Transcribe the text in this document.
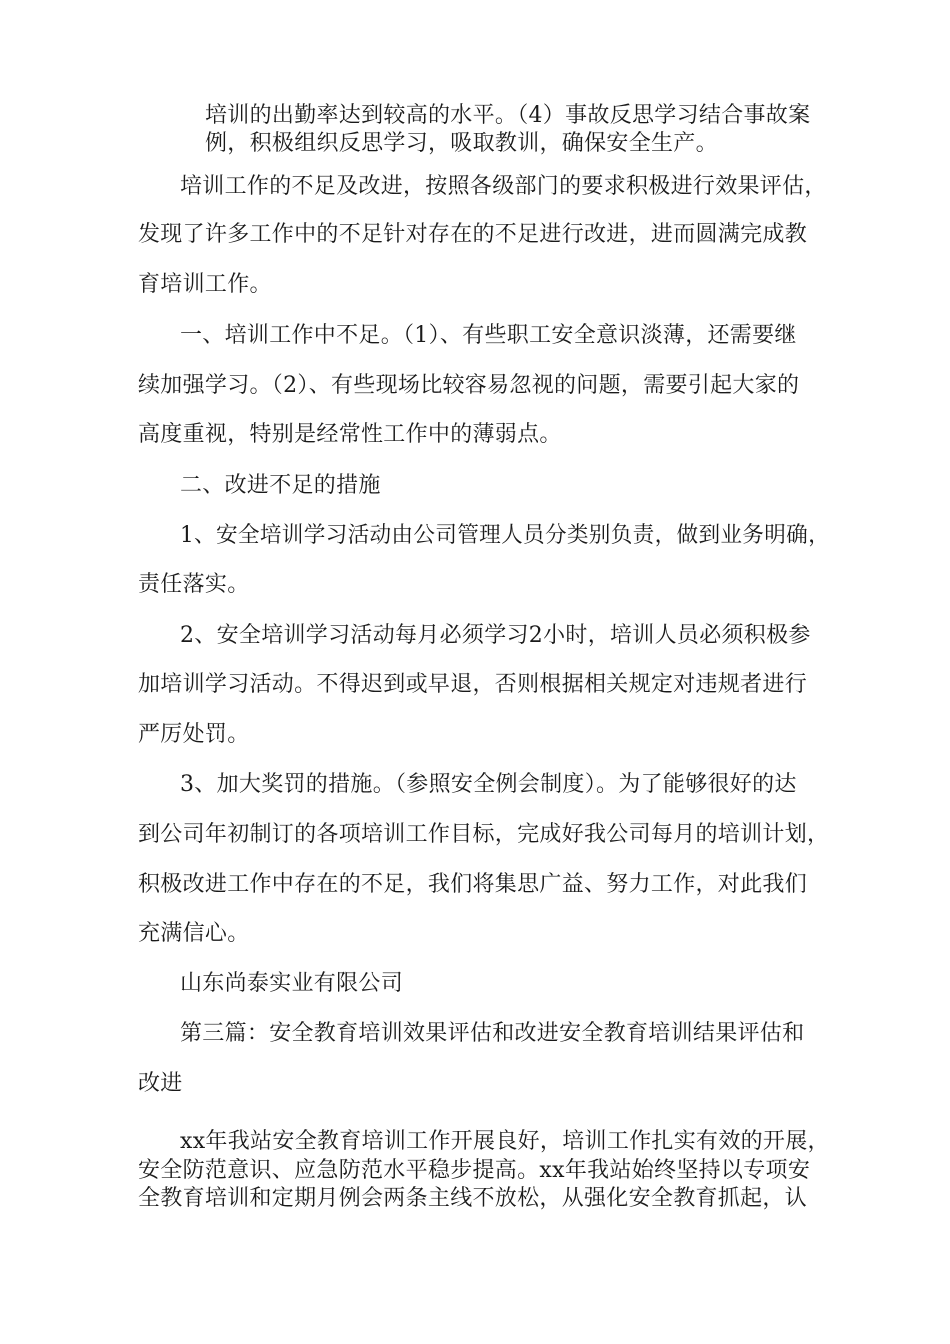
培训的出勤率达到较高的水平。（4）事故反思学习结合事故案
例，积极组织反思学习，吸取教训，确保安全生产。
培训工作的不足及改进，按照各级部门的要求积极进行效果评估，
发现了许多工作中的不足针对存在的不足进行改进，进而圆满完成教
育培训工作。
一、培训工作中不足。（1）、有些职工安全意识淡薄，还需要继
续加强学习。（2）、有些现场比较容易忽视的问题，需要引起大家的
高度重视，特别是经常性工作中的薄弱点。
二、改进不足的措施
1、安全培训学习活动由公司管理人员分类别负责，做到业务明确，
责任落实。
2、安全培训学习活动每月必须学习2小时，培训人员必须积极参
加培训学习活动。不得迟到或早退，否则根据相关规定对违规者进行
严厉处罚。
3、加大奖罚的措施。（参照安全例会制度）。为了能够很好的达
到公司年初制订的各项培训工作目标，完成好我公司每月的培训计划，
积极改进工作中存在的不足，我们将集思广益、努力工作，对此我们
充满信心。
山东尚泰实业有限公司
第三篇：安全教育培训效果评估和改进安全教育培训结果评估和
改进
xx年我站安全教育培训工作开展良好，培训工作扎实有效的开展，
安全防范意识、应急防范水平稳步提高。xx年我站始终坚持以专项安
全教育培训和定期月例会两条主线不放松，从强化安全教育抓起，认
